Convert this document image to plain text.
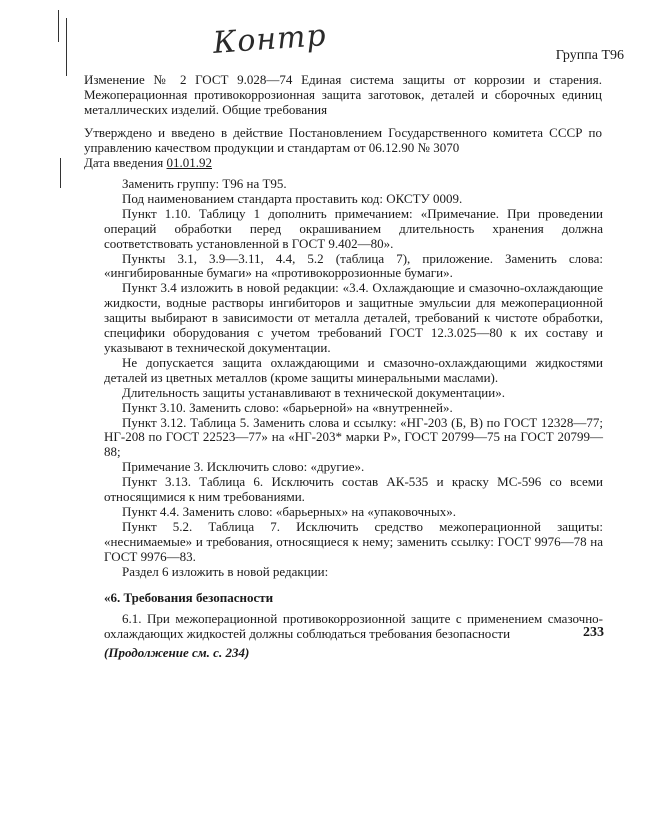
Контр	Группа Т96

Изменение № 2 ГОСТ 9.028—74 Единая система защиты от коррозии и старения. Межоперационная противокоррозионная защита заготовок, деталей и сборочных единиц металлических изделий. Общие требования

Утверждено и введено в действие Постановлением Государственного комитета СССР по управлению качеством продукции и стандартам от 06.12.90 № 3070

Дата введения 01.01.92

Заменить группу: Т96 на Т95.

Под наименованием стандарта проставить код: ОКСТУ 0009.

Пункт 1.10. Таблицу 1 дополнить примечанием: «Примечание. При проведении операций обработки перед окрашиванием длительность хранения должна соответствовать установленной в ГОСТ 9.402—80».

Пункты 3.1, 3.9—3.11, 4.4, 5.2 (таблица 7), приложение. Заменить слова: «ингибированные бумаги» на «противокоррозионные бумаги».

Пункт 3.4 изложить в новой редакции: «3.4. Охлаждающие и смазочно-охлаждающие жидкости, водные растворы ингибиторов и защитные эмульсии для межоперационной защиты выбирают в зависимости от металла деталей, требований к чистоте обработки, специфики оборудования с учетом требований ГОСТ 12.3.025—80 к их составу и указывают в технической документации.

Не допускается защита охлаждающими и смазочно-охлаждающими жидкостями деталей из цветных металлов (кроме защиты минеральными маслами).

Длительность защиты устанавливают в технической документации».

Пункт 3.10. Заменить слово: «барьерной» на «внутренней».

Пункт 3.12. Таблица 5. Заменить слова и ссылку: «НГ-203 (Б, В) по ГОСТ 12328—77; НГ-208 по ГОСТ 22523—77» на «НГ-203* марки Р», ГОСТ 20799—75 на ГОСТ 20799—88;

Примечание 3. Исключить слово: «другие».

Пункт 3.13. Таблица 6. Исключить состав АК-535 и краску МС-596 со всеми относящимися к ним требованиями.

Пункт 4.4. Заменить слово: «барьерных» на «упаковочных».

Пункт 5.2. Таблица 7. Исключить средство межоперационной защиты: «неснимаемые» и требования, относящиеся к нему; заменить ссылку: ГОСТ 9976—78 на ГОСТ 9976—83.

Раздел 6 изложить в новой редакции:

«6. Требования безопасности

6.1. При межоперационной противокоррозионной защите с применением смазочно-охлаждающих жидкостей должны соблюдаться требования безопасности

(Продолжение см. с. 234)

233
